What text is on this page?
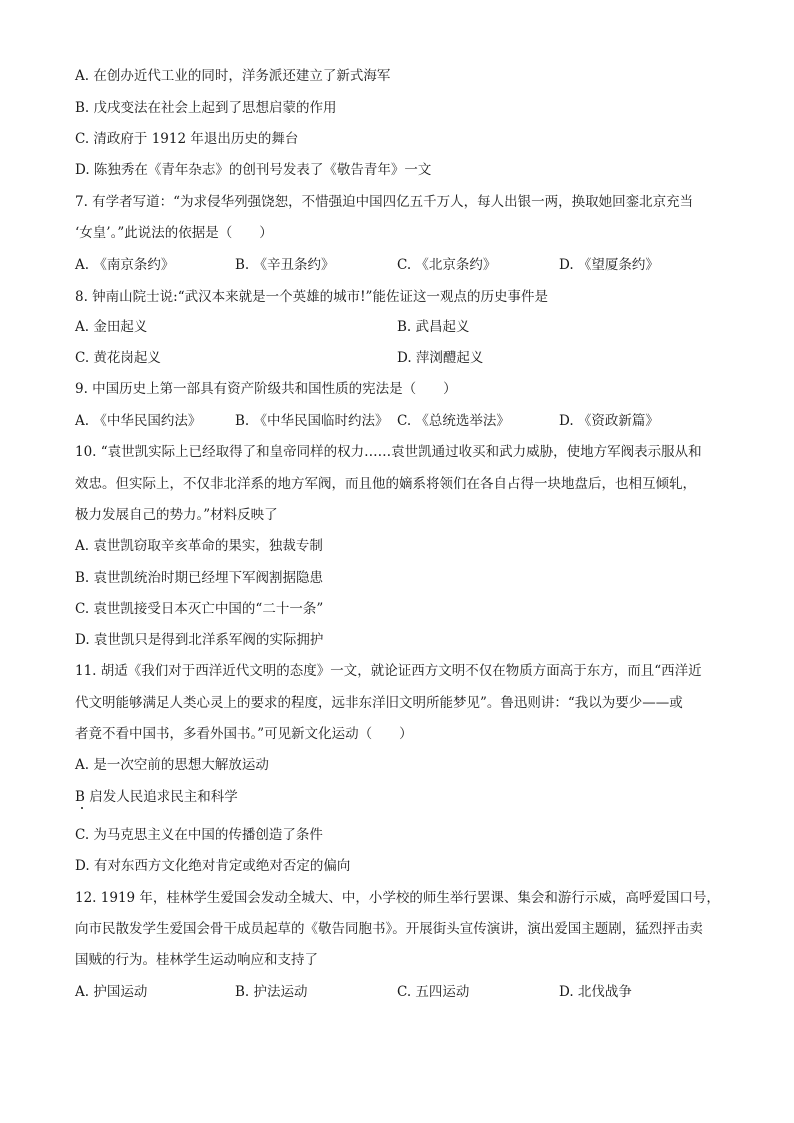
A. 在创办近代工业的同时，洋务派还建立了新式海军
B. 戊戌变法在社会上起到了思想启蒙的作用
C. 清政府于 1912 年退出历史的舞台
D. 陈独秀在《青年杂志》的创刊号发表了《敬告青年》一文
7. 有学者写道：“为求侵华列强饶恕，不惜强迫中国四亿五千万人，每人出银一两，换取她回銮北京充当
‘女皇’。”此说法的依据是（　　）
A. 《南京条约》	B. 《辛丑条约》	C. 《北京条约》	D. 《望厦条约》
8. 钟南山院士说:“武汉本来就是一个英雄的城市!”能佐证这一观点的历史事件是
A. 金田起义	B. 武昌起义
C. 黄花岗起义	D. 萍浏醴起义
9. 中国历史上第一部具有资产阶级共和国性质的宪法是（　　）
A. 《中华民国约法》 B. 《中华民国临时约法》 C. 《总统选举法》	D. 《资政新篇》
10. “袁世凯实际上已经取得了和皇帝同样的权力……袁世凯通过收买和武力威胁，使地方军阀表示服从和
效忠。但实际上，不仅非北洋系的地方军阀，而且他的嫡系将领们在各自占得一块地盘后，也相互倾轧，
极力发展自己的势力。”材料反映了
A. 袁世凯窃取辛亥革命的果实，独裁专制
B. 袁世凯统治时期已经埋下军阀割据隐患
C. 袁世凯接受日本灭亡中国的“二十一条”
D. 袁世凯只是得到北洋系军阀的实际拥护
11. 胡适《我们对于西洋近代文明的态度》一文，就论证西方文明不仅在物质方面高于东方，而且“西洋近
代文明能够满足人类心灵上的要求的程度，远非东洋旧文明所能梦见”。鲁迅则讲：“我以为要少——或
者竟不看中国书，多看外国书。”可见新文化运动（　　）
A. 是一次空前的思想大解放运动
B 启发人民追求民主和科学
C. 为马克思主义在中国的传播创造了条件
D. 有对东西方文化绝对肯定或绝对否定的偏向
12. 1919 年，桂林学生爱国会发动全城大、中，小学校的师生举行罢课、集会和游行示威，高呼爱国口号，
向市民散发学生爱国会骨干成员起草的《敬告同胞书》。开展街头宣传演讲，演出爱国主题剧，猛烈抨击卖
国贼的行为。桂林学生运动响应和支持了
A. 护国运动	B. 护法运动	C. 五四运动	D. 北伐战争
